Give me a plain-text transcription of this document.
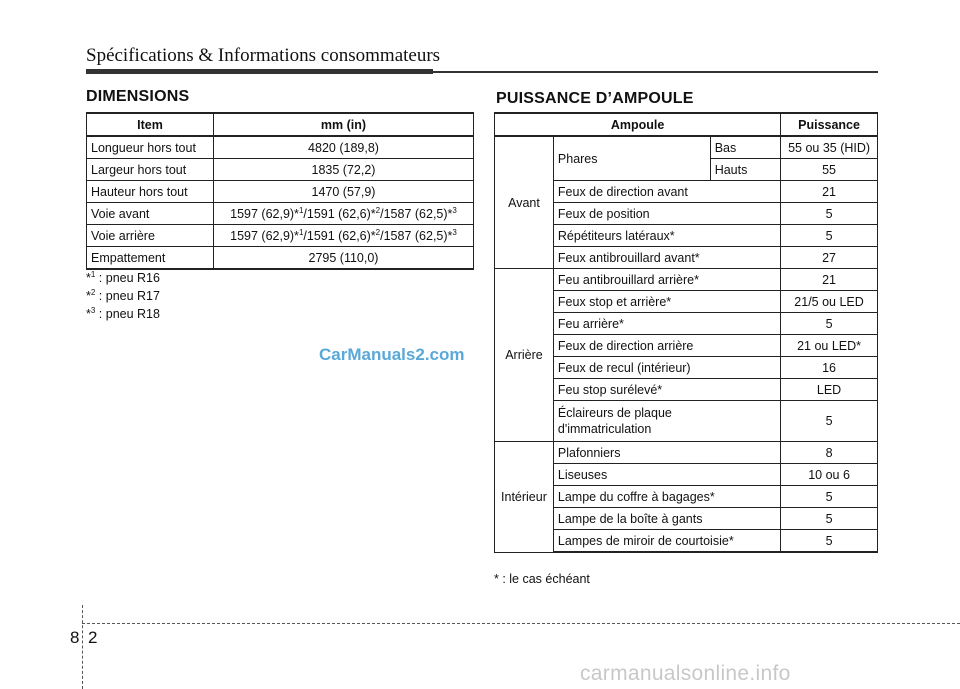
Spécifications & Informations consommateurs
DIMENSIONS
Item	mm (in)
Longueur hors tout	4820 (189,8)
Largeur hors tout	1835 (72,2)
Hauteur hors tout	1470 (57,9)
Voie avant	1597 (62,9)*$^1$/1591 (62,6)*$^2$/1587 (62,5)*$^3$
Voie arrière	1597 (62,9)*$^1$/1591 (62,6)*$^2$/1587 (62,5)*$^3$
Empattement	2795 (110,0)
*$^1$ : pneu R16
*$^2$ : pneu R17
*$^3$ : pneu R18
CarManuals2.com
PUISSANCE D’AMPOULE
Ampoule			Puissance
Avant	Phares	Bas	55 ou 35 (HID)
		Hauts	55
	Feux de direction avant		21
	Feux de position		5
	Répétiteurs latéraux*		5
	Feux antibrouillard avant*		27
Arrière	Feu antibrouillard arrière*		21
	Feux stop et arrière*		21/5 ou LED
	Feu arrière*		5
	Feux de direction arrière		21 ou LED*
	Feux de recul (intérieur)		16
	Feu stop surélevé*		LED

	Éclaireurs de plaque
d'immatriculation		5
Intérieur	Plafonniers		8
	Liseuses		10 ou 6
	Lampe du coffre à bagages*		5
	Lampe de la boîte à gants		5
	Lampes de miroir de courtoisie*		5
* : le cas échéant
8 2
carmanualsonline.info
